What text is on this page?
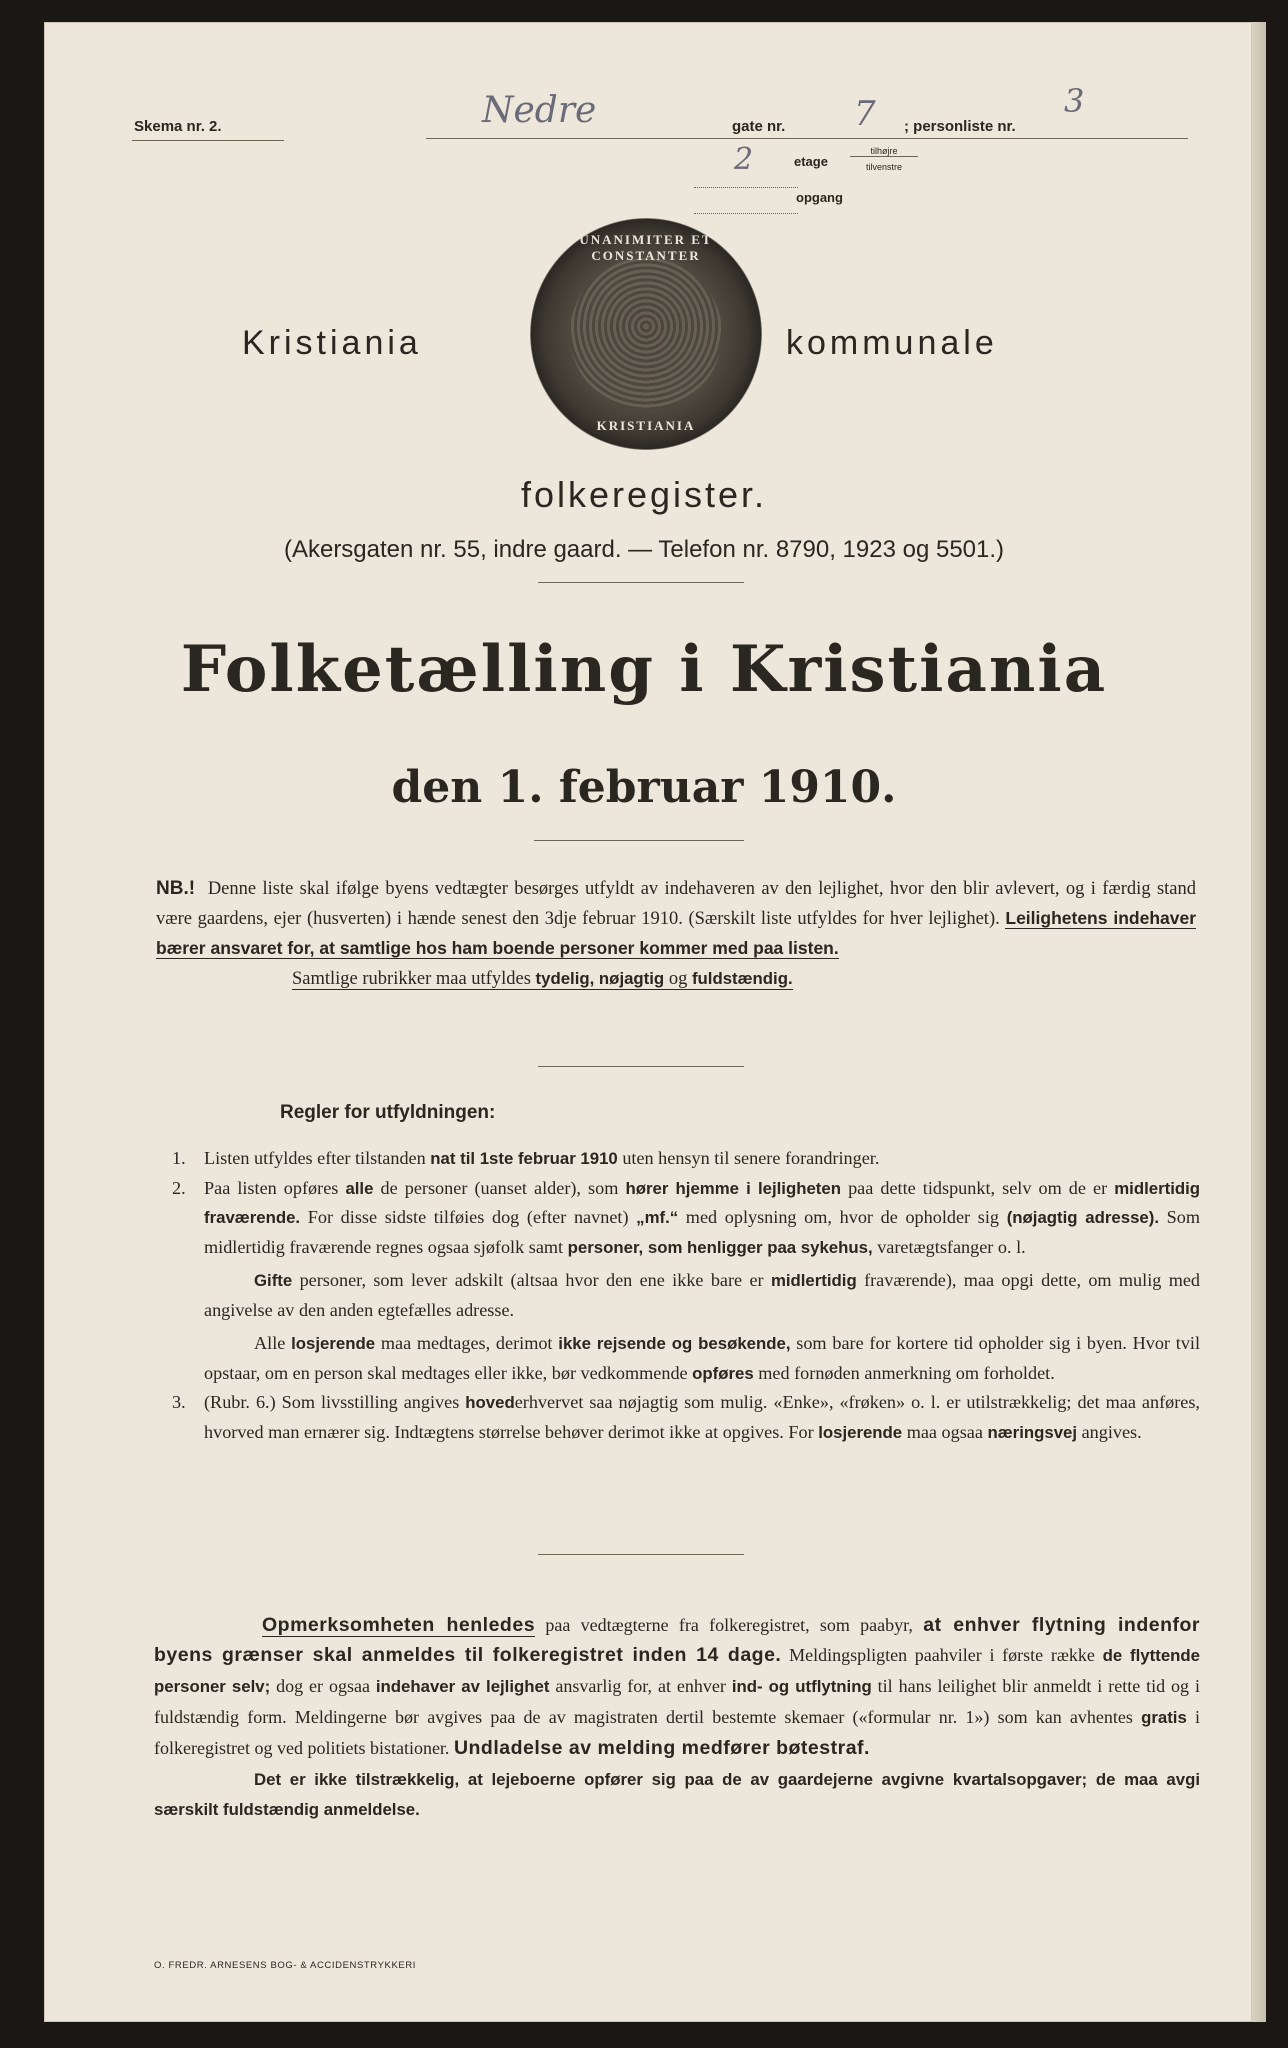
Skema nr. 2.	Nedre	gate nr. 7 ; personliste nr.
3
2	etage
tilhøjre
tilvenstre
opgang
UNANIMITER ET CONSTANTER
KRISTIANIA
Kristiania	kommunale
folkeregister.
(Akersgaten nr. 55, indre gaard. — Telefon nr. 8790, 1923 og 5501.)
Folketælling i Kristiania
den 1. februar 1910.
NB.! Denne liste skal ifølge byens vedtægter besørges utfyldt av indehaveren av den lejlighet, hvor den blir avlevert, og i færdig stand være gaardens, ejer (husverten) i hænde senest den 3dje februar 1910. (Særskilt liste utfyldes for hver lejlighet). Leilighetens indehaver bærer ansvaret for, at samtlige hos ham boende personer kommer med paa listen.
Samtlige rubrikker maa utfyldes tydelig, nøjagtig og fuldstændig.
Regler for utfyldningen:
1. Listen utfyldes efter tilstanden nat til 1ste februar 1910 uten hensyn til senere forandringer.
2. Paa listen opføres alle de personer (uanset alder), som hører hjemme i lejligheten paa dette tidspunkt, selv om de er midlertidig fraværende. For disse sidste tilføies dog (efter navnet) „mf.“ med oplysning om, hvor de opholder sig (nøjagtig adresse). Som midlertidig fraværende regnes ogsaa sjøfolk samt personer, som henligger paa sykehus, varetægtsfanger o. l.
Gifte personer, som lever adskilt (altsaa hvor den ene ikke bare er midlertidig fraværende), maa opgi dette, om mulig med angivelse av den anden egtefælles adresse.
Alle losjerende maa medtages, derimot ikke rejsende og besøkende, som bare for kortere tid opholder sig i byen. Hvor tvil opstaar, om en person skal medtages eller ikke, bør vedkommende opføres med fornøden anmerkning om forholdet.
3. (Rubr. 6.) Som livsstilling angives hovederhvervet saa nøjagtig som mulig. «Enke», «frøken» o. l. er utilstrækkelig; det maa anføres, hvorved man ernærer sig. Indtægtens størrelse behøver derimot ikke at opgives. For losjerende maa ogsaa næringsvej angives.
Opmerksomheten henledes paa vedtægterne fra folkeregistret, som paabyr, at enhver flytning indenfor byens grænser skal anmeldes til folkeregistret inden 14 dage. Meldingspligten paahviler i første række de flyttende personer selv; dog er ogsaa indehaver av lejlighet ansvarlig for, at enhver ind- og utflytning til hans leilighet blir anmeldt i rette tid og i fuldstændig form. Meldingerne bør avgives paa de av magistraten dertil bestemte skemaer («formular nr. 1») som kan avhentes gratis i folkeregistret og ved politiets bistationer. Undladelse av melding medfører bøtestraf.
Det er ikke tilstrækkelig, at lejeboerne opfører sig paa de av gaardejerne avgivne kvartalsopgaver; de maa avgi særskilt fuldstændig anmeldelse.
O. FREDR. ARNESENS BOG- & ACCIDENSTRYKKERI
